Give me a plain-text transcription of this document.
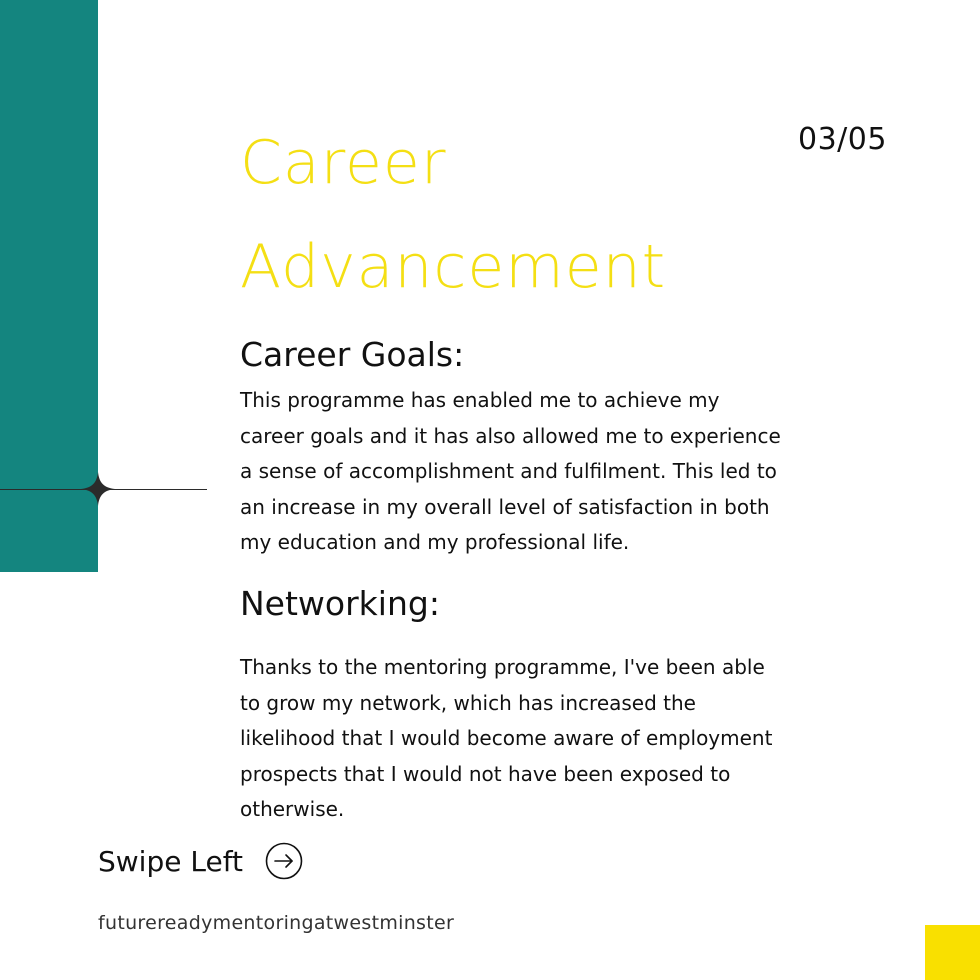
03/05
Career
Advancement
Career Goals:
This programme has enabled me to achieve my career goals and it has also allowed me to experience a sense of accomplishment and fulfilment. This led to an increase in my overall level of satisfaction in both my education and my professional life.
Networking:
Thanks to the mentoring programme, I've been able to grow my network, which has increased the likelihood that I would become aware of employment prospects that I would not have been exposed to otherwise.
Swipe Left
futurereadymentoringatwestminster
